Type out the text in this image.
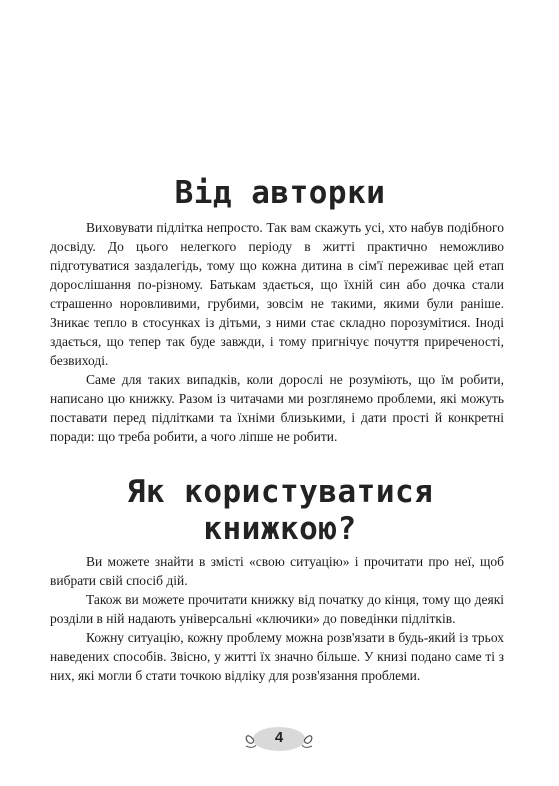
Від авторки

Виховувати підлітка непросто. Так вам скажуть усі, хто набув подібного досвіду. До цього нелегкого періоду в житті практично неможливо підготуватися заздалегідь, тому що кожна дитина в сім'ї переживає цей етап дорослішання по-різному. Батькам здається, що їхній син або дочка стали страшенно норовливими, грубими, зовсім не такими, якими були раніше. Зникає тепло в стосунках із дітьми, з ними стає складно порозумітися. Іноді здається, що тепер так буде завжди, і тому пригнічує почуття приреченості, безвиході.

Саме для таких випадків, коли дорослі не розуміють, що їм робити, написано цю книжку. Разом із читачами ми розглянемо проблеми, які можуть поставати перед підлітками та їхніми близькими, і дати прості й конкретні поради: що треба робити, а чого ліпше не робити.

Як користуватися книжкою?

Ви можете знайти в змісті «свою ситуацію» і прочитати про неї, щоб вибрати свій спосіб дій.

Також ви можете прочитати книжку від початку до кінця, тому що деякі розділи в ній надають універсальні «ключики» до поведінки підлітків.

Кожну ситуацію, кожну проблему можна розв'язати в будь-який із трьох наведених способів. Звісно, у житті їх значно більше. У книзі подано саме ті з них, які могли б стати точкою відліку для розв'язання проблеми.

4
